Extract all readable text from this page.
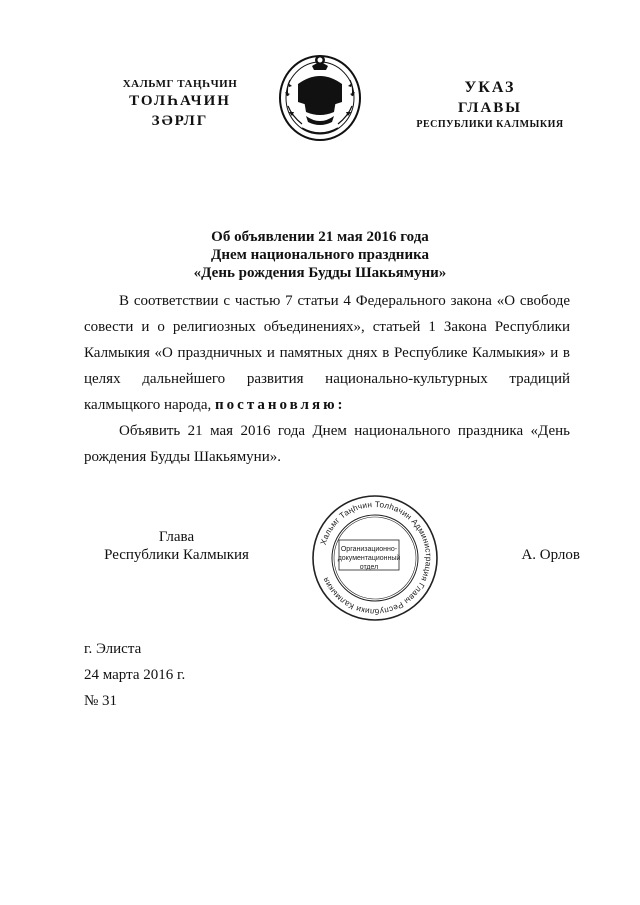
ХАЛЬМГ ТАҢҺЧИН
ТОЛҺАЧИН
ЗӘРЛГ
УКАЗ
ГЛАВЫ
РЕСПУБЛИКИ КАЛМЫКИЯ
Об объявлении 21 мая 2016 года
Днем национального праздника
«День рождения Будды Шакьямуни»
В соответствии с частью 7 статьи 4 Федерального закона «О свободе совести и о религиозных объединениях», статьей 1 Закона Республики Калмыкия «О праздничных и памятных днях в Республике Калмыкия» и в целях дальнейшего развития национально-культурных традиций калмыцкого народа, постановляю:
Объявить 21 мая 2016 года Днем национального праздника «День рождения Будды Шакьямуни».
Глава
Республики Калмыкия
Хальмг Таңһчин Толһачин Администрация Главы Республики Калмыкия
Организационно-
документационный
отдел
А. Орлов
г. Элиста
24 марта 2016 г.
№ 31
